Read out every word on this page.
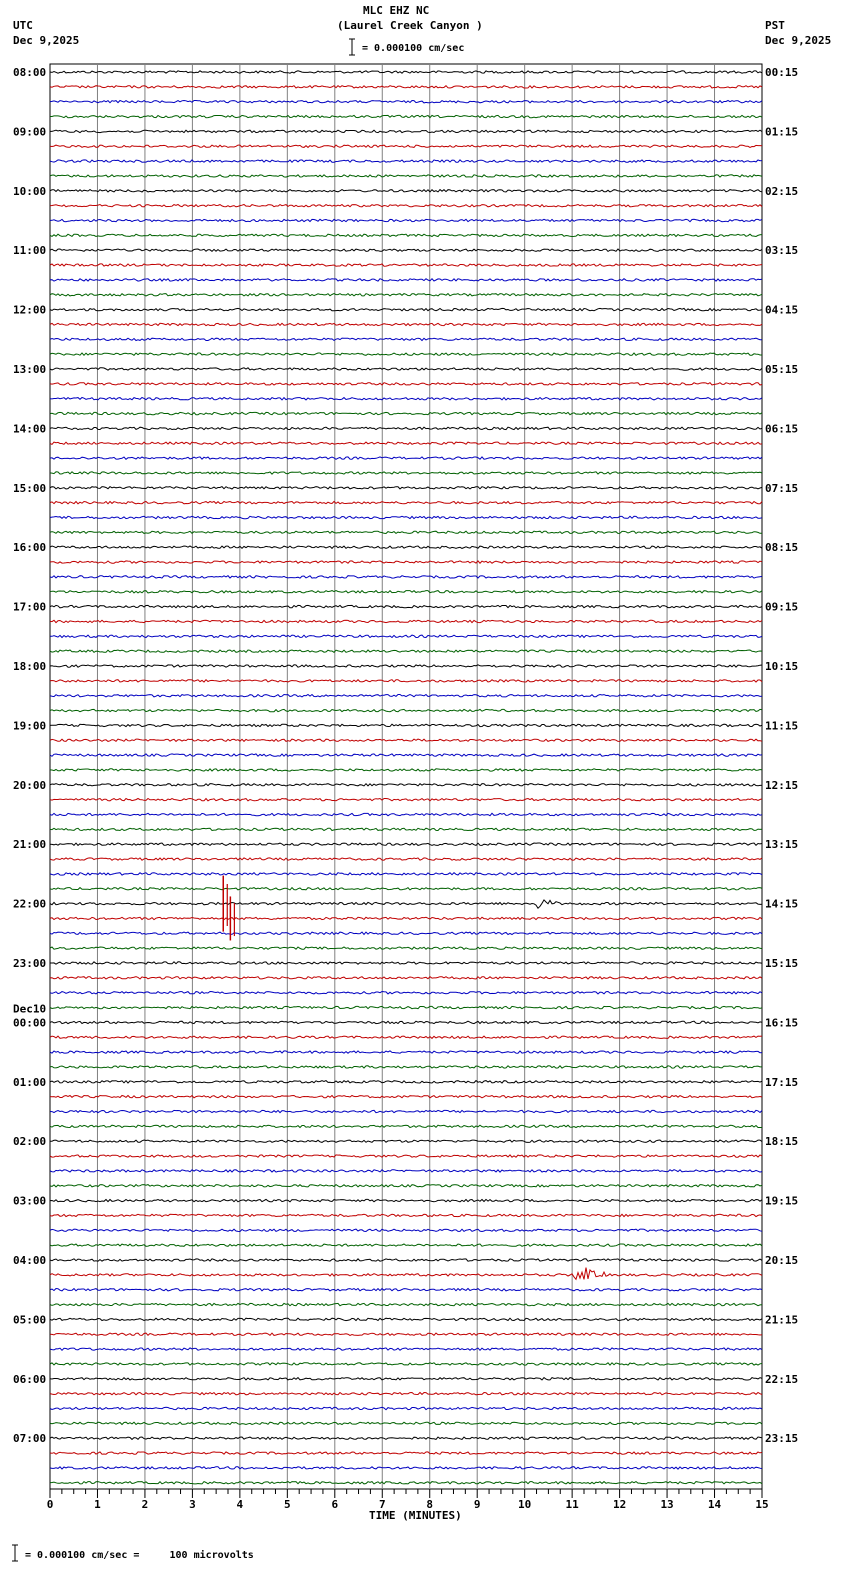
MLC EHZ NC
(Laurel Creek Canyon )
UTC
Dec 9,2025
PST
Dec 9,2025
= 0.000100 cm/sec
TIME (MINUTES)
= 0.000100 cm/sec =     100 microvolts
08:00
09:00
10:00
11:00
12:00
13:00
14:00
15:00
16:00
17:00
18:00
19:00
20:00
21:00
22:00
23:00
00:00
01:00
02:00
03:00
04:00
05:00
06:00
07:00
00:15
01:15
02:15
03:15
04:15
05:15
06:15
07:15
08:15
09:15
10:15
11:15
12:15
13:15
14:15
15:15
16:15
17:15
18:15
19:15
20:15
21:15
22:15
23:15
Dec10
0	1	2	3	4	5	6	7	8	9	10	11	12	13	14	15
